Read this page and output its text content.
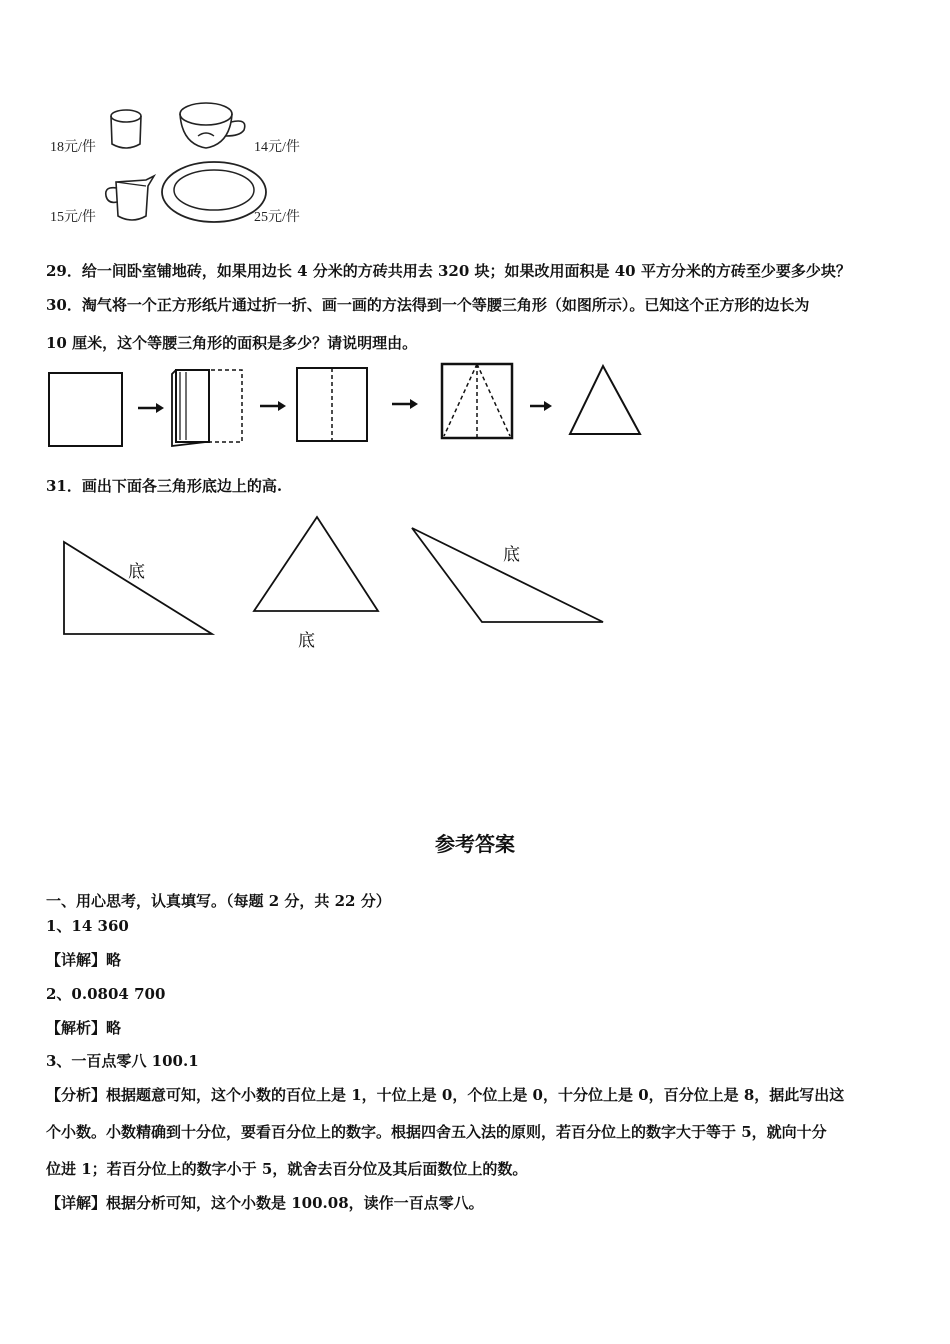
18元/件	14元/件
15元/件	25元/件
29．给一间卧室铺地砖，如果用边长 4 分米的方砖共用去 320 块；如果改用面积是 40 平方分米的方砖至少要多少块？
30．淘气将一个正方形纸片通过折一折、画一画的方法得到一个等腰三角形（如图所示）。已知这个正方形的边长为
10 厘米，这个等腰三角形的面积是多少？请说明理由。
31．画出下面各三角形底边上的高.
底
底
底
参考答案
一、用心思考，认真填写。（每题 2 分，共 22 分）
1、14 360
【详解】略
2、0.0804 700
【解析】略
3、一百点零八 100.1
【分析】根据题意可知，这个小数的百位上是 1，十位上是 0，个位上是 0，十分位上是 0，百分位上是 8，据此写出这
个小数。小数精确到十分位，要看百分位上的数字。根据四舍五入法的原则，若百分位上的数字大于等于 5，就向十分
位进 1；若百分位上的数字小于 5，就舍去百分位及其后面数位上的数。
【详解】根据分析可知，这个小数是 100.08，读作一百点零八。
